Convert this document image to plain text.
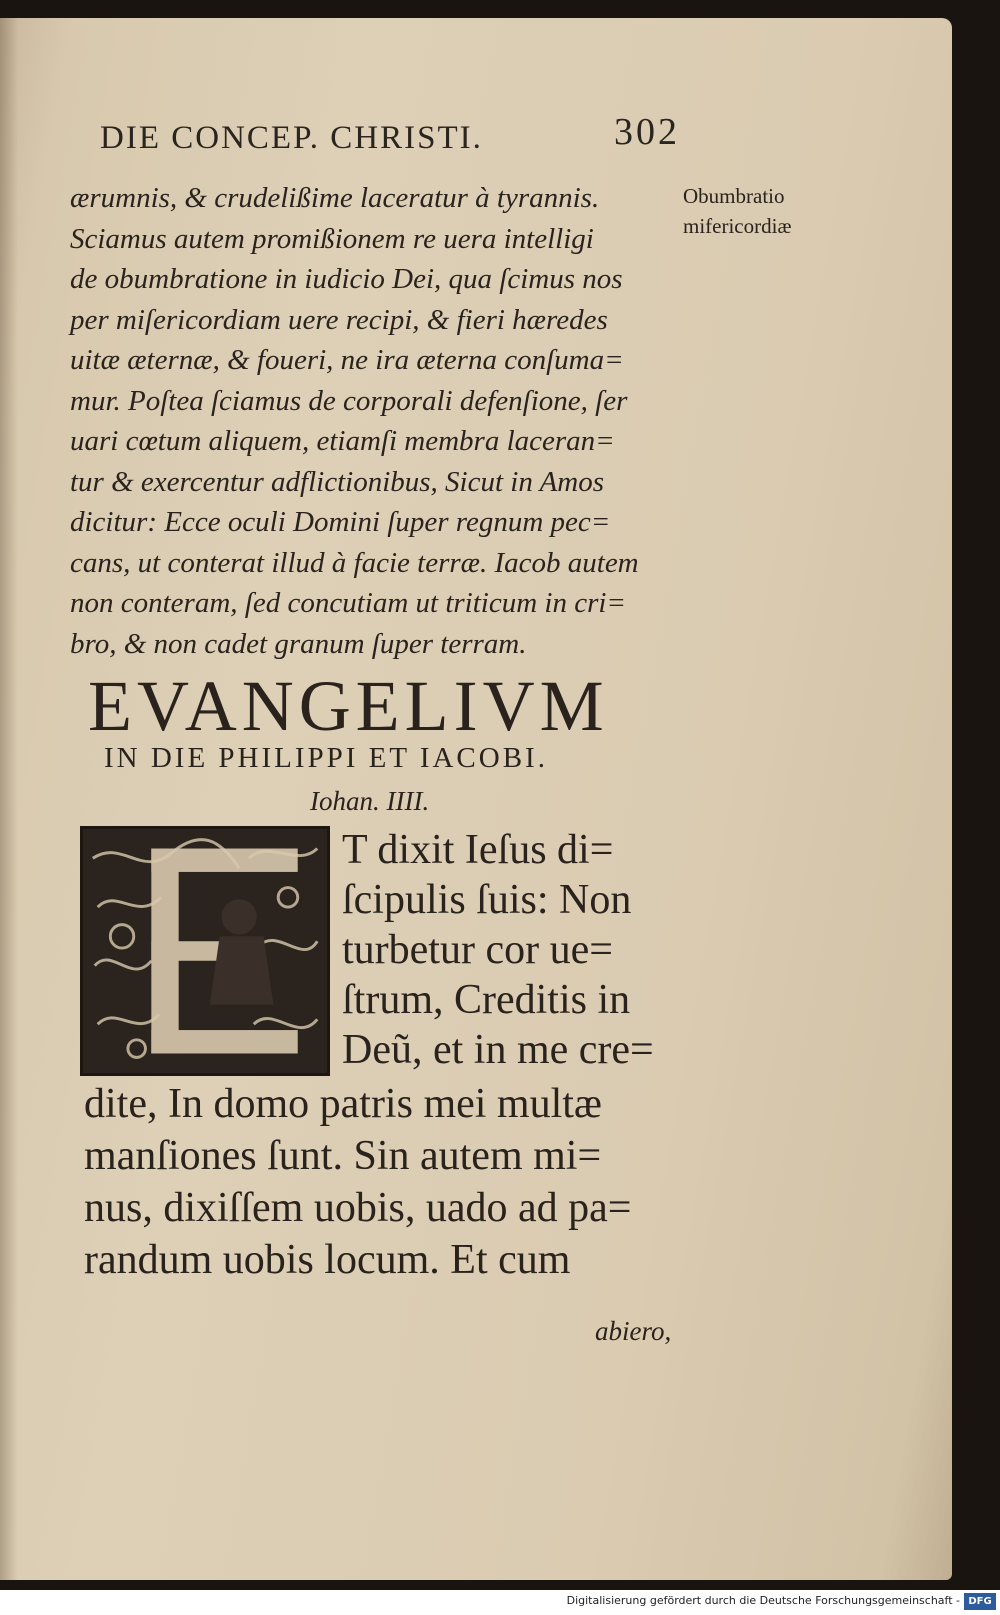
DIE CONCEP. CHRISTI.	302
ærumnis, & crudelißime laceratur à tyrannis.
Sciamus autem promißionem re uera intelligi
de obumbratione in iudicio Dei, qua ſcimus nos
per miſericordiam uere recipi, & fieri hæredes
uitæ æternæ, & foueri, ne ira æterna conſuma=
mur. Poſtea ſciamus de corporali defenſione, ſer
uari cœtum aliquem, etiamſi membra laceran=
tur & exercentur adflictionibus, Sicut in Amos
dicitur: Ecce oculi Domini ſuper regnum pec=
cans, ut conterat illud à facie terræ. Iacob autem
non conteram, ſed concutiam ut triticum in cri=
bro, & non cadet granum ſuper terram.
Obumbratio
mifericordiæ
EVANGELIVM
IN DIE PHILIPPI ET IACOBI.
Iohan. IIII.
T dixit Ieſus di=
ſcipulis ſuis: Non
turbetur cor ue=
ſtrum, Creditis in
Deũ, et in me cre=
dite, In domo patris mei multæ
manſiones ſunt. Sin autem mi=
nus, dixiſſem uobis, uado ad pa=
randum uobis locum. Et cum
abiero,
Digitalisierung gefördert durch die Deutsche Forschungsgemeinschaft - DFG
